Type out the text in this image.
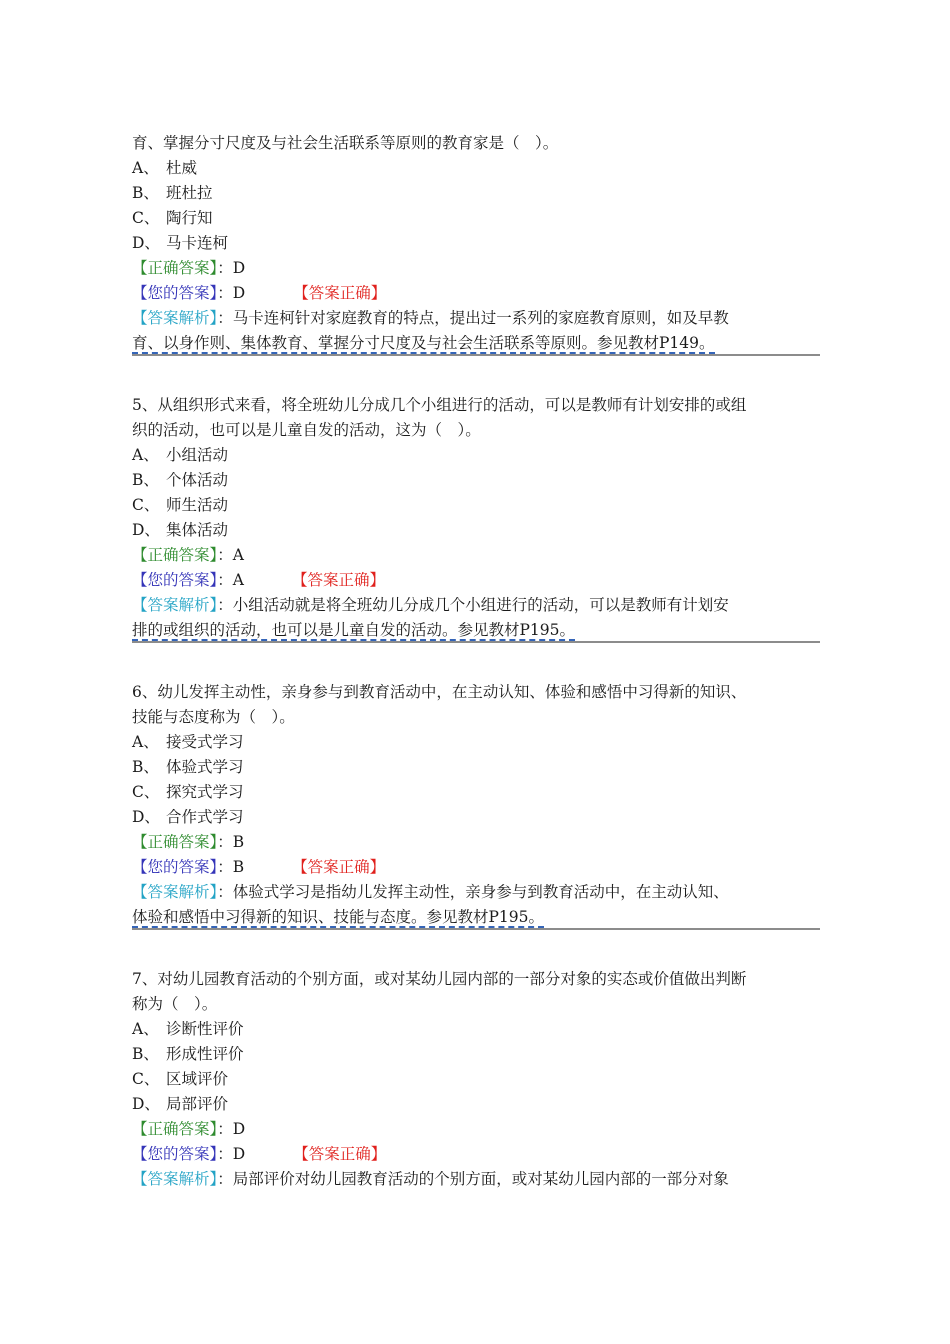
育、掌握分寸尺度及与社会生活联系等原则的教育家是（　）。
A、 杜威
B、 班杜拉
C、 陶行知
D、 马卡连柯
【正确答案】：D
【您的答案】：D	【答案正确】
【答案解析】：马卡连柯针对家庭教育的特点，提出过一系列的家庭教育原则，如及早教
育、以身作则、集体教育、掌握分寸尺度及与社会生活联系等原则。参见教材P149。
5、从组织形式来看，将全班幼儿分成几个小组进行的活动，可以是教师有计划安排的或组
织的活动，也可以是儿童自发的活动，这为（　）。
A、 小组活动
B、 个体活动
C、 师生活动
D、 集体活动
【正确答案】：A
【您的答案】：A	【答案正确】
【答案解析】：小组活动就是将全班幼儿分成几个小组进行的活动，可以是教师有计划安
排的或组织的活动，也可以是儿童自发的活动。参见教材P195。
6、幼儿发挥主动性，亲身参与到教育活动中，在主动认知、体验和感悟中习得新的知识、
技能与态度称为（　）。
A、 接受式学习
B、 体验式学习
C、 探究式学习
D、 合作式学习
【正确答案】：B
【您的答案】：B	【答案正确】
【答案解析】：体验式学习是指幼儿发挥主动性，亲身参与到教育活动中，在主动认知、
体验和感悟中习得新的知识、技能与态度。参见教材P195。
7、对幼儿园教育活动的个别方面，或对某幼儿园内部的一部分对象的实态或价值做出判断
称为（　）。
A、 诊断性评价
B、 形成性评价
C、 区域评价
D、 局部评价
【正确答案】：D
【您的答案】：D	【答案正确】
【答案解析】：局部评价对幼儿园教育活动的个别方面，或对某幼儿园内部的一部分对象
